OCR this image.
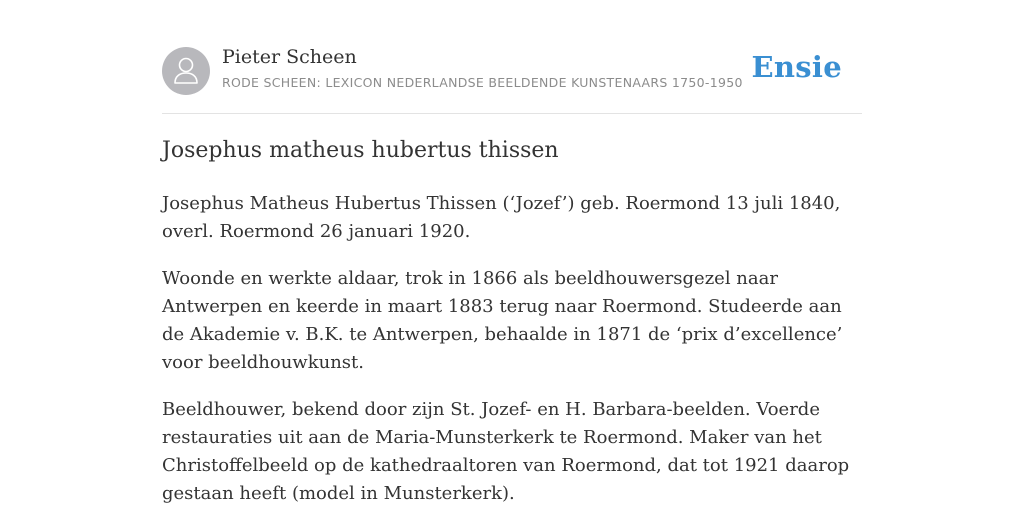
Pieter Scheen
RODE SCHEEN: LEXICON NEDERLANDSE BEELDENDE KUNSTENAARS 1750-1950 Ensie
Josephus matheus hubertus thissen

Josephus Matheus Hubertus Thissen (‘Jozef’) geb. Roermond 13 juli 1840, overl. Roermond 26 januari 1920.

Woonde en werkte aldaar, trok in 1866 als beeldhouwersgezel naar Antwerpen en keerde in maart 1883 terug naar Roermond. Studeerde aan de Akademie v. B.K. te Antwerpen, behaalde in 1871 de ‘prix d’excellence’ voor beeldhouwkunst.

Beeldhouwer, bekend door zijn St. Jozef- en H. Barbara-beelden. Voerde restauraties uit aan de Maria-Munsterkerk te Roermond. Maker van het Christoffelbeeld op de kathedraaltoren van Roermond, dat tot 1921 daarop gestaan heeft (model in Munsterkerk).
